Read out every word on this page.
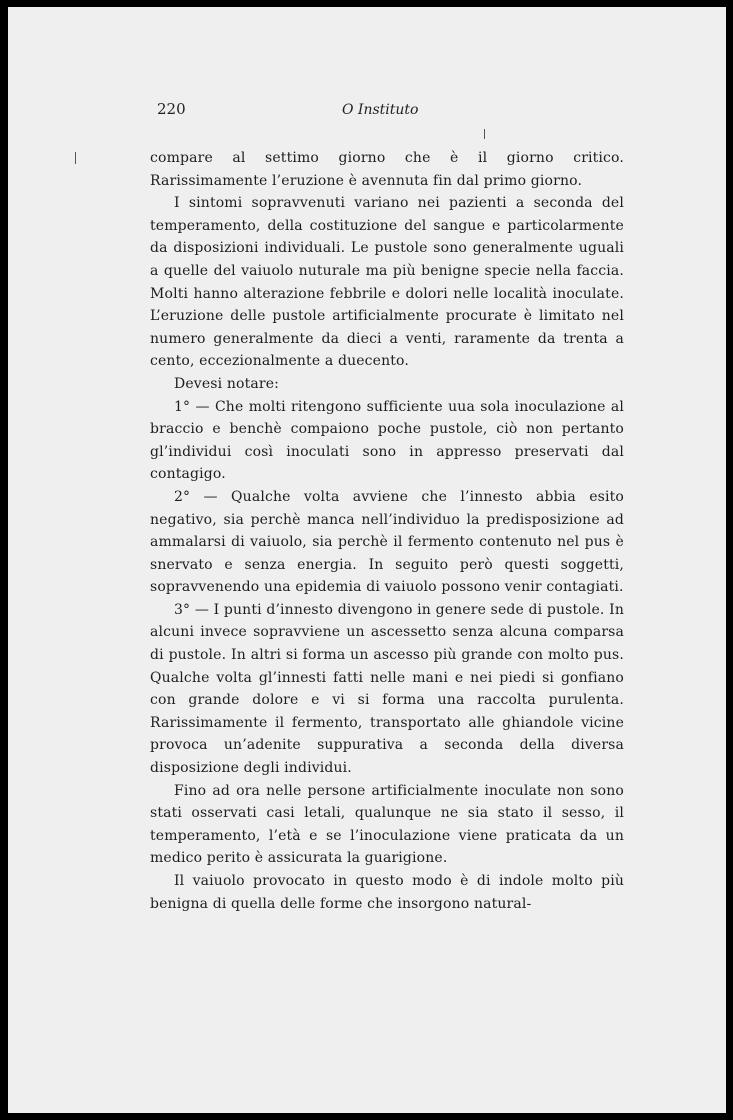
220	O Instituto

compare al settimo giorno che è il giorno critico. Rarissimamente l’eruzione è avennuta fin dal primo giorno.

I sintomi sopravvenuti variano nei pazienti a seconda del temperamento, della costituzione del sangue e particolarmente da disposizioni individuali. Le pustole sono generalmente uguali a quelle del vaiuolo nuturale ma più benigne specie nella faccia. Molti hanno alterazione febbrile e dolori nelle località inoculate. L’eruzione delle pustole artificialmente procurate è limitato nel numero generalmente da dieci a venti, raramente da trenta a cento, eccezionalmente a duecento.

Devesi notare:

1° — Che molti ritengono sufficiente uua sola inoculazione al braccio e benchè compaiono poche pustole, ciò non pertanto gl’individui così inoculati sono in appresso preservati dal contagigo.

2° — Qualche volta avviene che l’innesto abbia esito negativo, sia perchè manca nell’individuo la predisposizione ad ammalarsi di vaiuolo, sia perchè il fermento contenuto nel pus è snervato e senza energia. In seguito però questi soggetti, sopravvenendo una epidemia di vaiuolo possono venir contagiati.

3° — I punti d’innesto divengono in genere sede di pustole. In alcuni invece sopravviene un ascessetto senza alcuna comparsa di pustole. In altri si forma un ascesso più grande con molto pus. Qualche volta gl’innesti fatti nelle mani e nei piedi si gonfiano con grande dolore e vi si forma una raccolta purulenta. Rarissimamente il fermento, transportato alle ghiandole vicine provoca un’adenite suppurativa a seconda della diversa disposizione degli individui.

Fino ad ora nelle persone artificialmente inoculate non sono stati osservati casi letali, qualunque ne sia stato il sesso, il temperamento, l’età e se l’inoculazione viene praticata da un medico perito è assicurata la guarigione.

Il vaiuolo provocato in questo modo è di indole molto più benigna di quella delle forme che insorgono natural-
